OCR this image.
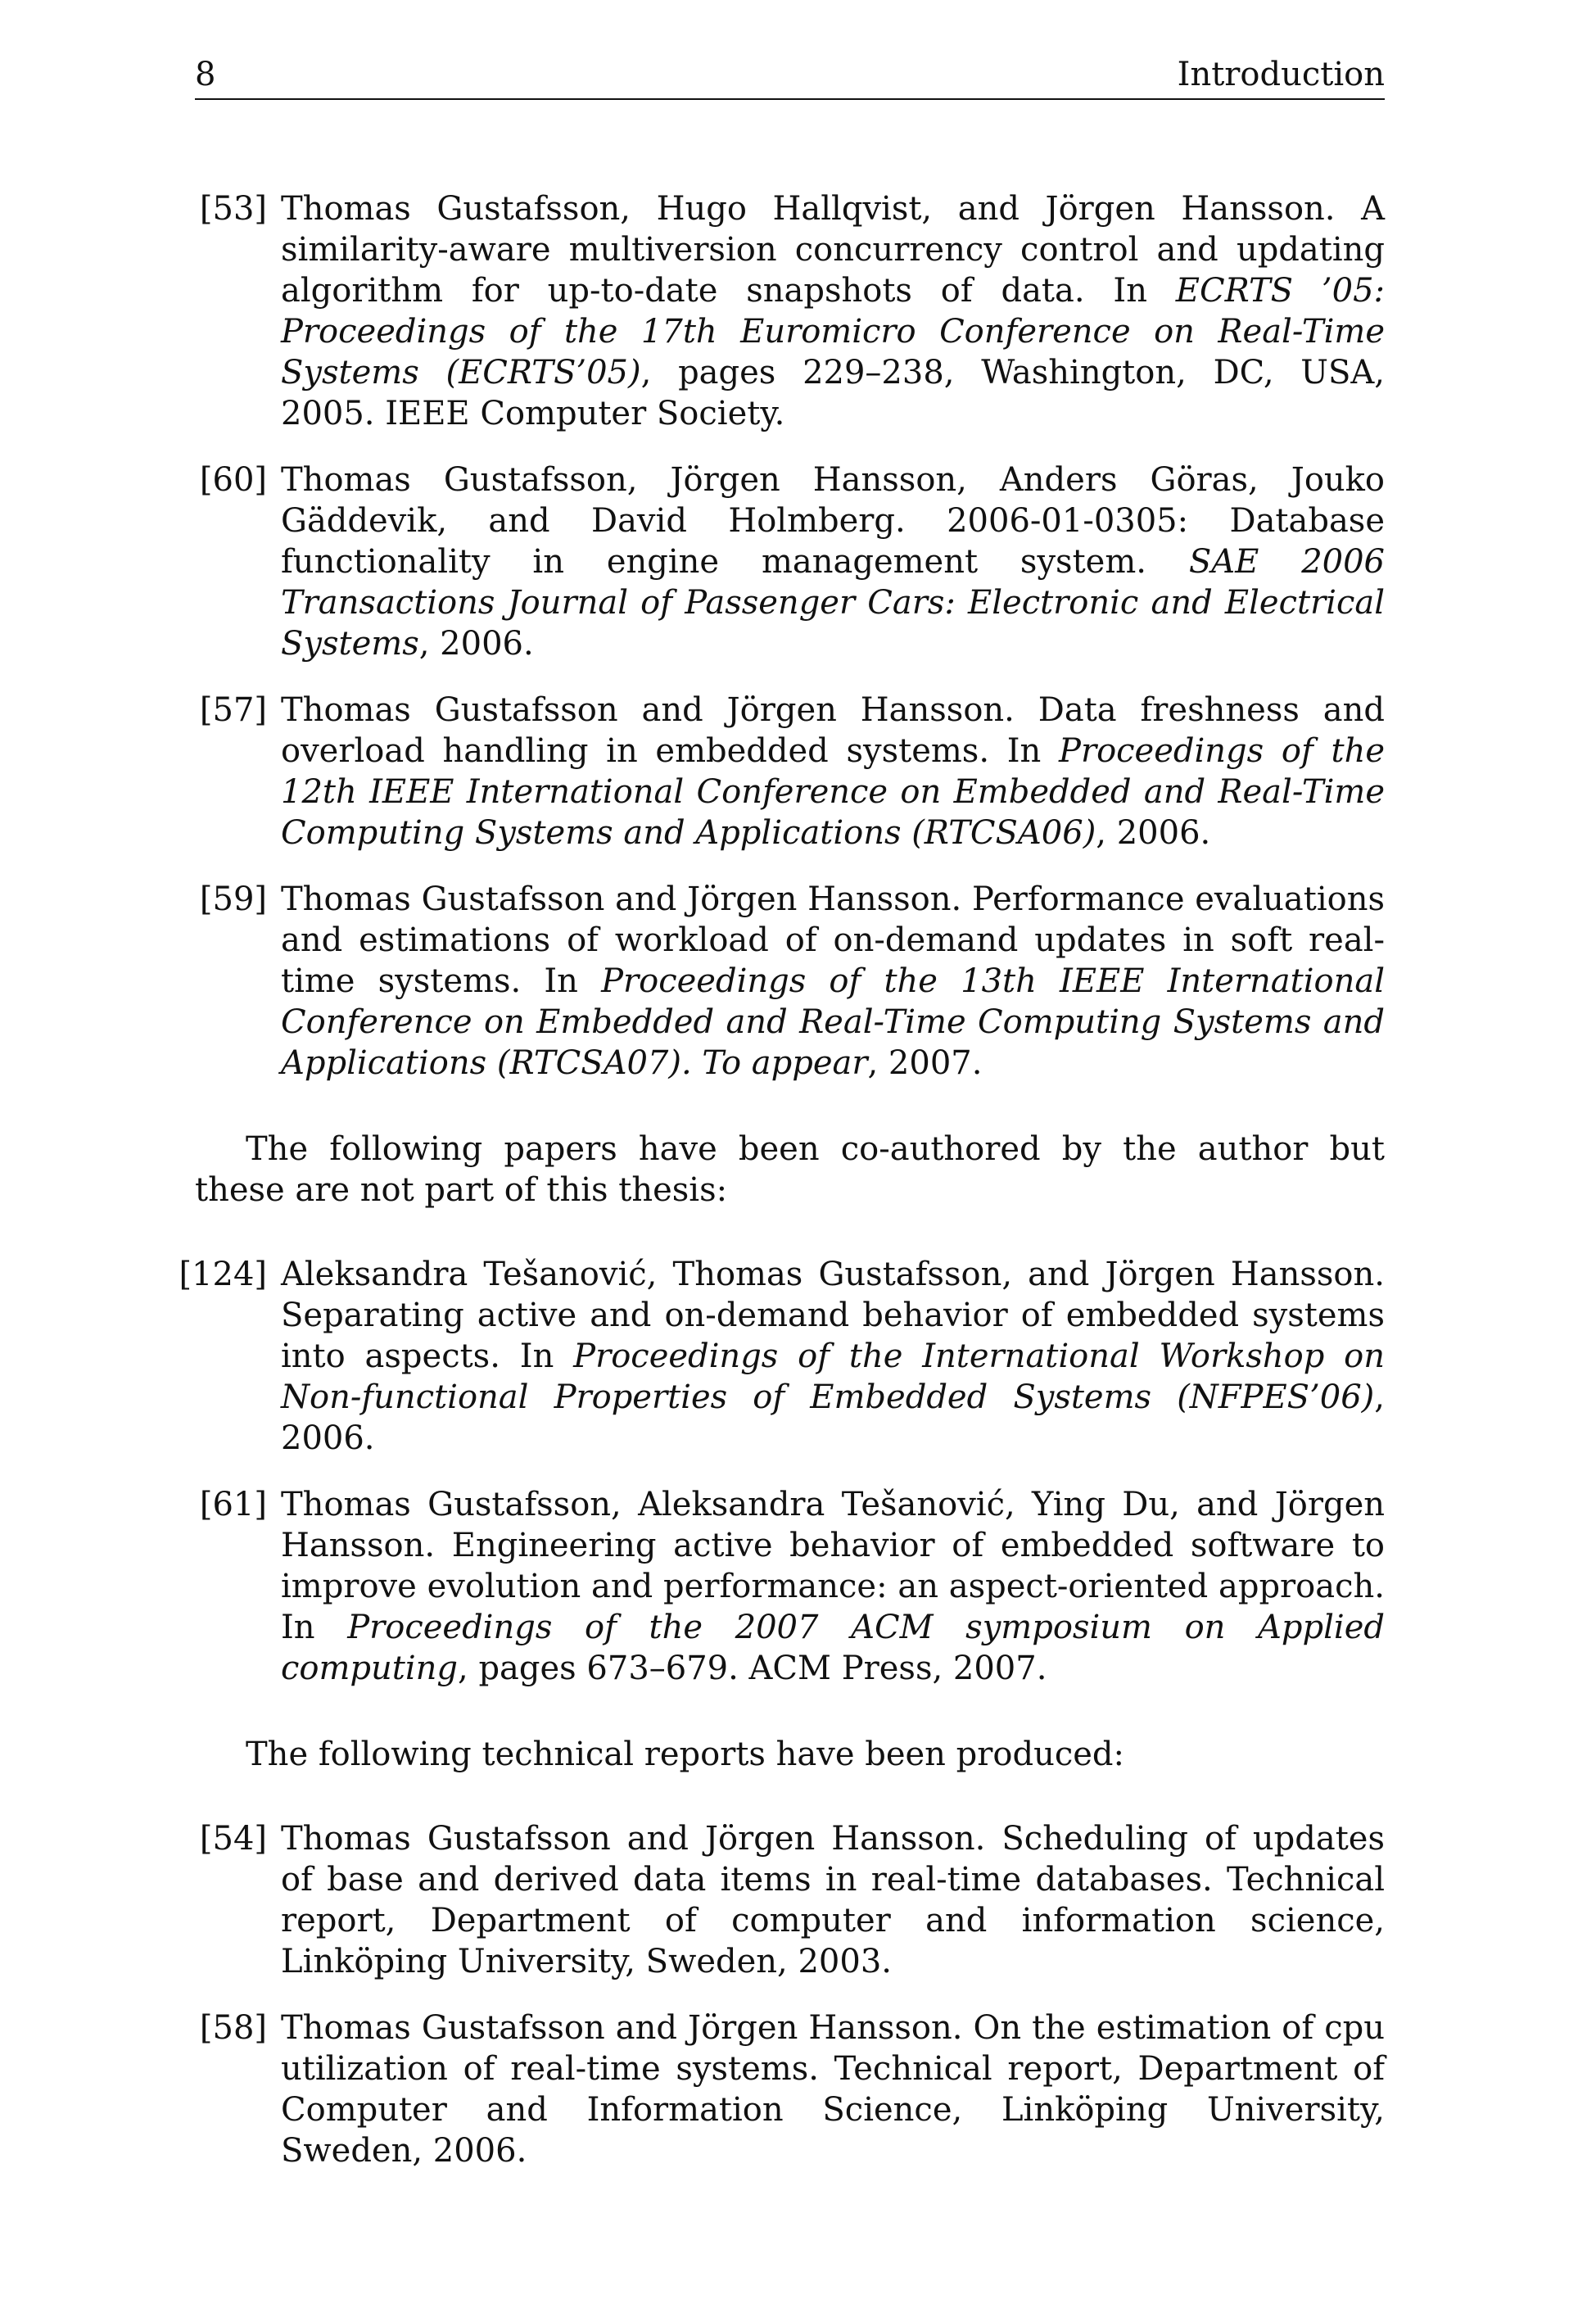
8	Introduction
[53] Thomas Gustafsson, Hugo Hallqvist, and Jörgen Hansson. A similarity-aware multiversion concurrency control and updating algorithm for up-to-date snapshots of data. In ECRTS ’05: Proceedings of the 17th Euromicro Conference on Real-Time Systems (ECRTS’05), pages 229–238, Washington, DC, USA, 2005. IEEE Computer Society.
[60] Thomas Gustafsson, Jörgen Hansson, Anders Göras, Jouko Gäddevik, and David Holmberg. 2006-01-0305: Database functionality in engine management system. SAE 2006 Transactions Journal of Passenger Cars: Electronic and Electrical Systems, 2006.
[57] Thomas Gustafsson and Jörgen Hansson. Data freshness and overload handling in embedded systems. In Proceedings of the 12th IEEE International Conference on Embedded and Real-Time Computing Systems and Applications (RTCSA06), 2006.
[59] Thomas Gustafsson and Jörgen Hansson. Performance evaluations and estimations of workload of on-demand updates in soft real-time systems. In Proceedings of the 13th IEEE International Conference on Embedded and Real-Time Computing Systems and Applications (RTCSA07). To appear, 2007.

The following papers have been co-authored by the author but these are not part of this thesis:

[124] Aleksandra Tešanović, Thomas Gustafsson, and Jörgen Hansson. Separating active and on-demand behavior of embedded systems into aspects. In Proceedings of the International Workshop on Non-functional Properties of Embedded Systems (NFPES’06), 2006.
[61] Thomas Gustafsson, Aleksandra Tešanović, Ying Du, and Jörgen Hansson. Engineering active behavior of embedded software to improve evolution and performance: an aspect-oriented approach. In Proceedings of the 2007 ACM symposium on Applied computing, pages 673–679. ACM Press, 2007.

The following technical reports have been produced:

[54] Thomas Gustafsson and Jörgen Hansson. Scheduling of updates of base and derived data items in real-time databases. Technical report, Department of computer and information science, Linköping University, Sweden, 2003.
[58] Thomas Gustafsson and Jörgen Hansson. On the estimation of cpu utilization of real-time systems. Technical report, Department of Computer and Information Science, Linköping University, Sweden, 2006.
